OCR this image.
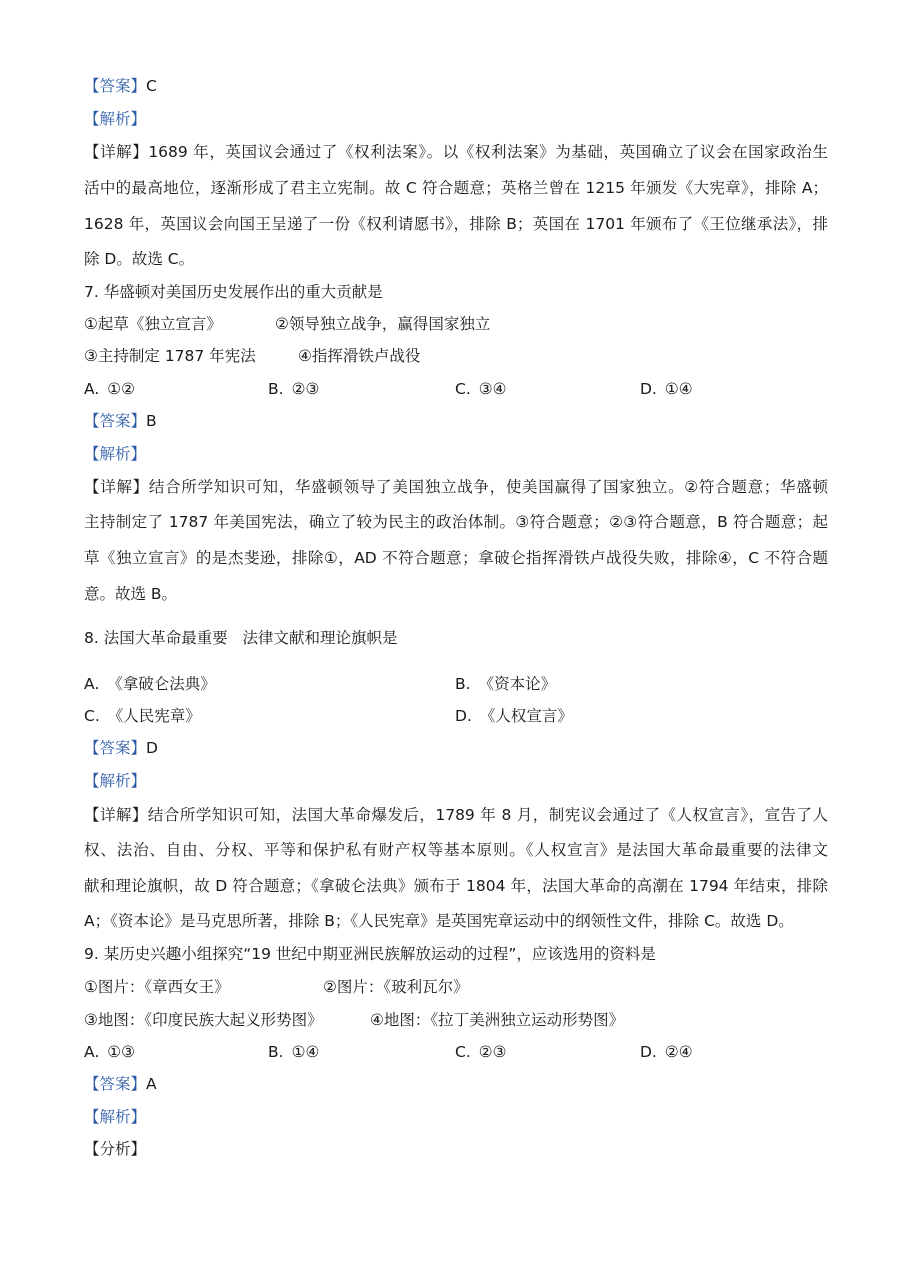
【答案】C
【解析】
【详解】1689 年，英国议会通过了《权利法案》。以《权利法案》为基础，英国确立了议会在国家政治生
活中的最高地位，逐渐形成了君主立宪制。故 C 符合题意；英格兰曾在 1215 年颁发《大宪章》，排除 A；
1628 年，英国议会向国王呈递了一份《权利请愿书》，排除 B；英国在 1701 年颁布了《王位继承法》，排
除 D。故选 C。
7. 华盛顿对美国历史发展作出的重大贡献是
①起草《独立宣言》	②领导独立战争，赢得国家独立
③主持制定 1787 年宪法	④指挥滑铁卢战役
A. ①②	B. ②③	C. ③④	D. ①④
【答案】B
【解析】
【详解】结合所学知识可知，华盛顿领导了美国独立战争，使美国赢得了国家独立。②符合题意；华盛顿
主持制定了 1787 年美国宪法，确立了较为民主的政治体制。③符合题意；②③符合题意，B 符合题意；起
草《独立宣言》的是杰斐逊，排除①，AD 不符合题意；拿破仑指挥滑铁卢战役失败，排除④，C 不符合题
意。故选 B。
8. 法国大革命最重要   法律文献和理论旗帜是
A. 《拿破仑法典》	B. 《资本论》
C. 《人民宪章》	D. 《人权宣言》
【答案】D
【解析】
【详解】结合所学知识可知，法国大革命爆发后，1789 年 8 月，制宪议会通过了《人权宣言》，宣告了人
权、法治、自由、分权、平等和保护私有财产权等基本原则。《人权宣言》是法国大革命最重要的法律文
献和理论旗帜，故 D 符合题意；《拿破仑法典》颁布于 1804 年，法国大革命的高潮在 1794 年结束，排除
A；《资本论》是马克思所著，排除 B；《人民宪章》是英国宪章运动中的纲领性文件，排除 C。故选 D。
9. 某历史兴趣小组探究“19 世纪中期亚洲民族解放运动的过程”，应该选用的资料是
①图片：《章西女王》	②图片：《玻利瓦尔》
③地图：《印度民族大起义形势图》	④地图：《拉丁美洲独立运动形势图》
A. ①③	B. ①④	C. ②③	D. ②④
【答案】A
【解析】
【分析】
